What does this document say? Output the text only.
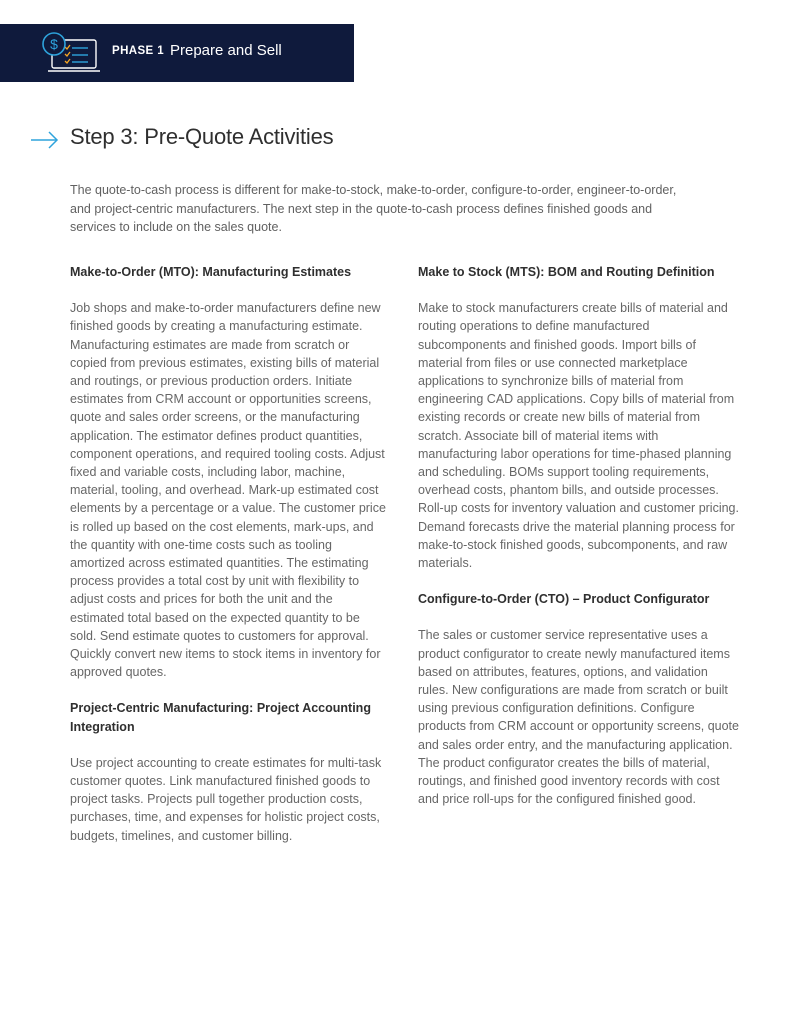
$	PHASE 1 Prepare and Sell
Step 3: Pre-Quote Activities

The quote-to-cash process is different for make-to-stock, make-to-order, configure-to-order, engineer-to-order, and project-centric manufacturers. The next step in the quote-to-cash process defines finished goods and services to include on the sales quote.

Make-to-Order (MTO): Manufacturing Estimates

Job shops and make-to-order manufacturers define new finished goods by creating a manufacturing estimate. Manufacturing estimates are made from scratch or copied from previous estimates, existing bills of material and routings, or previous production orders. Initiate estimates from CRM account or opportunities screens, quote and sales order screens, or the manufacturing application. The estimator defines product quantities, component operations, and required tooling costs. Adjust fixed and variable costs, including labor, machine, material, tooling, and overhead. Mark-up estimated cost elements by a percentage or a value. The customer price is rolled up based on the cost elements, mark-ups, and the quantity with one-time costs such as tooling amortized across estimated quantities. The estimating process provides a total cost by unit with flexibility to adjust costs and prices for both the unit and the estimated total based on the expected quantity to be sold. Send estimate quotes to customers for approval. Quickly convert new items to stock items in inventory for approved quotes.

Project-Centric Manufacturing: Project Accounting Integration

Use project accounting to create estimates for multi-task customer quotes. Link manufactured finished goods to project tasks. Projects pull together production costs, purchases, time, and expenses for holistic project costs, budgets, timelines, and customer billing.

Make to Stock (MTS): BOM and Routing Definition

Make to stock manufacturers create bills of material and routing operations to define manufactured subcomponents and finished goods. Import bills of material from files or use connected marketplace applications to synchronize bills of material from engineering CAD applications. Copy bills of material from existing records or create new bills of material from scratch. Associate bill of material items with manufacturing labor operations for time-phased planning and scheduling. BOMs support tooling requirements, overhead costs, phantom bills, and outside processes. Roll-up costs for inventory valuation and customer pricing. Demand forecasts drive the material planning process for make-to-stock finished goods, subcomponents, and raw materials.

Configure-to-Order (CTO) – Product Configurator

The sales or customer service representative uses a product configurator to create newly manufactured items based on attributes, features, options, and validation rules. New configurations are made from scratch or built using previous configuration definitions. Configure products from CRM account or opportunity screens, quote and sales order entry, and the manufacturing application. The product configurator creates the bills of material, routings, and finished good inventory records with cost and price roll-ups for the configured finished good.
